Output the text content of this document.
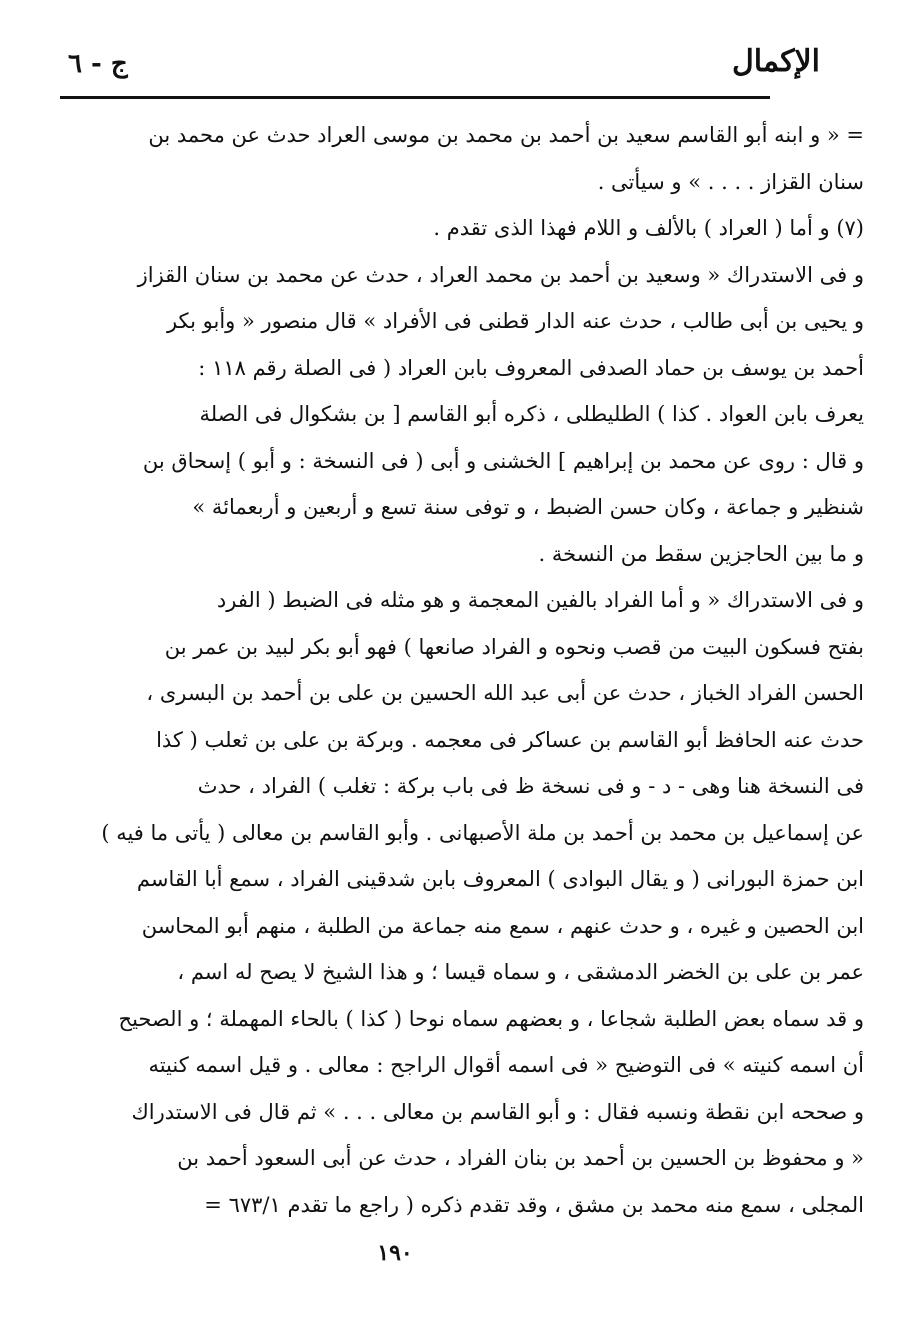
الإكمال
ج - ٦
= « و ابنه أبو القاسم سعيد بن أحمد بن محمد بن موسى العراد حدث عن محمد بن
سنان القزاز . . . . » و سيأتى .
(٧) و أما ( العراد ) بالألف و اللام فهذا الذى تقدم .
و فى الاستدراك « وسعيد بن أحمد بن محمد العراد ، حدث عن محمد بن سنان القزاز
و يحيى بن أبى طالب ، حدث عنه الدار قطنى فى الأفراد » قال منصور « وأبو بكر
أحمد بن يوسف بن حماد الصدفى المعروف بابن العراد ( فى الصلة رقم ١١٨ :
يعرف بابن العواد . كذا ) الطليطلى ، ذكره أبو القاسم [ بن بشكوال فى الصلة
و قال : روى عن محمد بن إبراهيم ] الخشنى و أبى ( فى النسخة : و أبو ) إسحاق بن
شنظير و جماعة ، وكان حسن الضبط ، و توفى سنة تسع و أربعين و أربعمائة »
و ما بين الحاجزين سقط من النسخة .
و فى الاستدراك « و أما الفراد بالفين المعجمة و هو مثله فى الضبط ( الفرد
بفتح فسكون البيت من قصب ونحوه و الفراد صانعها ) فهو أبو بكر لبيد بن عمر بن
الحسن الفراد الخباز ، حدث عن أبى عبد الله الحسين بن على بن أحمد بن البسرى ،
حدث عنه الحافظ أبو القاسم بن عساكر فى معجمه . وبركة بن على بن ثعلب ( كذا
فى النسخة هنا وهى - د - و فى نسخة ظ فى باب بركة : تغلب ) الفراد ، حدث
عن إسماعيل بن محمد بن أحمد بن ملة الأصبهانى . وأبو القاسم بن معالى ( يأتى ما فيه )
ابن حمزة البورانى ( و يقال البوادى ) المعروف بابن شدقينى الفراد ، سمع أبا القاسم
ابن الحصين و غيره ، و حدث عنهم ، سمع منه جماعة من الطلبة ، منهم أبو المحاسن
عمر بن على بن الخضر الدمشقى ، و سماه قيسا ؛ و هذا الشيخ لا يصح له اسم ،
و قد سماه بعض الطلبة شجاعا ، و بعضهم سماه نوحا ( كذا ) بالحاء المهملة ؛ و الصحيح
أن اسمه كنيته » فى التوضيح « فى اسمه أقوال الراجح : معالى . و قيل اسمه كنيته
و صححه ابن نقطة ونسبه فقال : و أبو القاسم بن معالى . . . » ثم قال فى الاستدراك
« و محفوظ بن الحسين بن أحمد بن بنان الفراد ، حدث عن أبى السعود أحمد بن
المجلى ، سمع منه محمد بن مشق ، وقد تقدم ذكره ( راجع ما تقدم ٦٧٣/١ =
١٩٠
